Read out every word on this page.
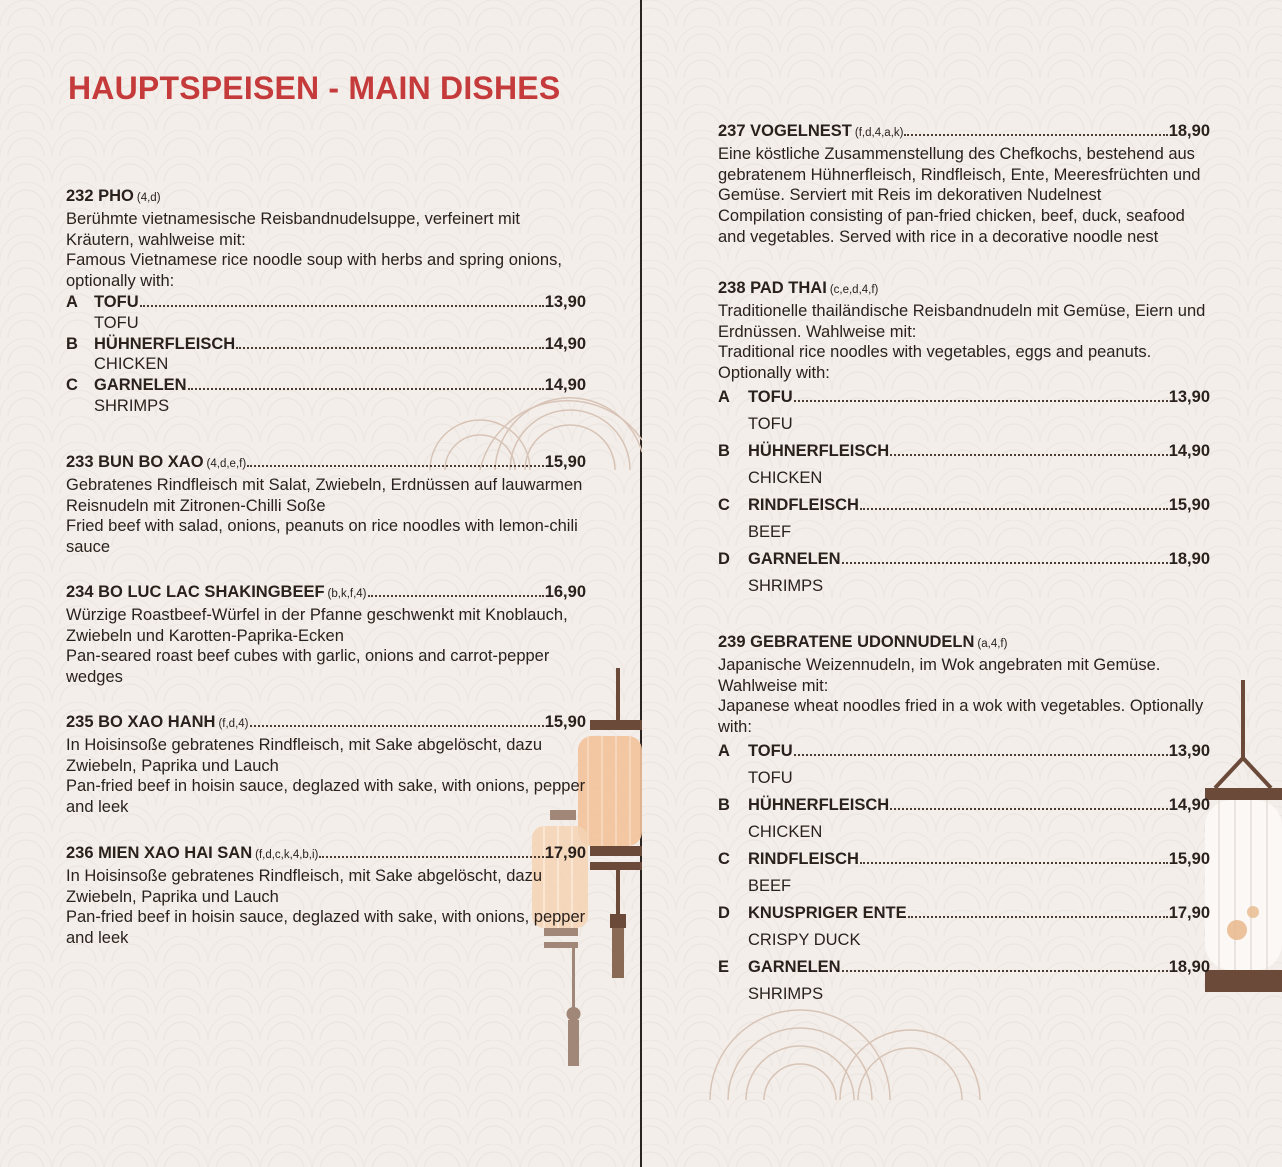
HAUPTSPEISEN - MAIN DISHES
232 PHO (4,d)

Berühmte vietnamesische Reisbandnudelsuppe, verfeinert mit Kräutern, wahlweise mit:

Famous Vietnamese rice noodle soup with herbs and spring onions, optionally with:

A TOFU	13,90
TOFU
B HÜHNERFLEISCH	14,90
CHICKEN
C GARNELEN	14,90
SHRIMPS
233 BUN BO XAO (4,d,e,f)	15,90

Gebratenes Rindfleisch mit Salat, Zwiebeln, Erdnüssen auf lauwarmen Reisnudeln mit Zitronen-Chilli Soße

Fried beef with salad, onions, peanuts on rice noodles with lemon-chili sauce

234 BO LUC LAC SHAKINGBEEF (b,k,f,4)	16,90

Würzige Roastbeef-Würfel in der Pfanne geschwenkt mit Knoblauch, Zwiebeln und Karotten-Paprika-Ecken

Pan-seared roast beef cubes with garlic, onions and carrot-pepper wedges

235 BO XAO HANH (f,d,4)	15,90

In Hoisinsoße gebratenes Rindfleisch, mit Sake abgelöscht, dazu Zwiebeln, Paprika und Lauch

Pan-fried beef in hoisin sauce, deglazed with sake, with onions, pepper and leek

236 MIEN XAO HAI SAN (f,d,c,k,4,b,i)	17,90

In Hoisinsoße gebratenes Rindfleisch, mit Sake abgelöscht, dazu Zwiebeln, Paprika und Lauch

Pan-fried beef in hoisin sauce, deglazed with sake, with onions, pepper and leek

237 VOGELNEST (f,d,4,a,k)	18,90

Eine köstliche Zusammenstellung des Chefkochs, bestehend aus gebratenem Hühnerfleisch, Rindfleisch, Ente, Meeresfrüchten und Gemüse. Serviert mit Reis im dekorativen Nudelnest

Compilation consisting of pan-fried chicken, beef, duck, seafood and vegetables. Served with rice in a decorative noodle nest

238 PAD THAI (c,e,d,4,f)

Traditionelle thailändische Reisbandnudeln mit Gemüse, Eiern und Erdnüssen. Wahlweise mit:

Traditional rice noodles with vegetables, eggs and peanuts. Optionally with:

A	TOFU	13,90
TOFU
B	HÜHNERFLEISCH	14,90
CHICKEN
C	RINDFLEISCH	15,90
BEEF
D	GARNELEN	18,90
SHRIMPS
239 GEBRATENE UDONNUDELN (a,4,f)

Japanische Weizennudeln, im Wok angebraten mit Gemüse. Wahlweise mit:

Japanese wheat noodles fried in a wok with vegetables. Optionally with:

A	TOFU	13,90
TOFU
B	HÜHNERFLEISCH	14,90
CHICKEN
C	RINDFLEISCH	15,90
BEEF
D	KNUSPRIGER ENTE	17,90
CRISPY DUCK
E	GARNELEN	18,90
SHRIMPS
